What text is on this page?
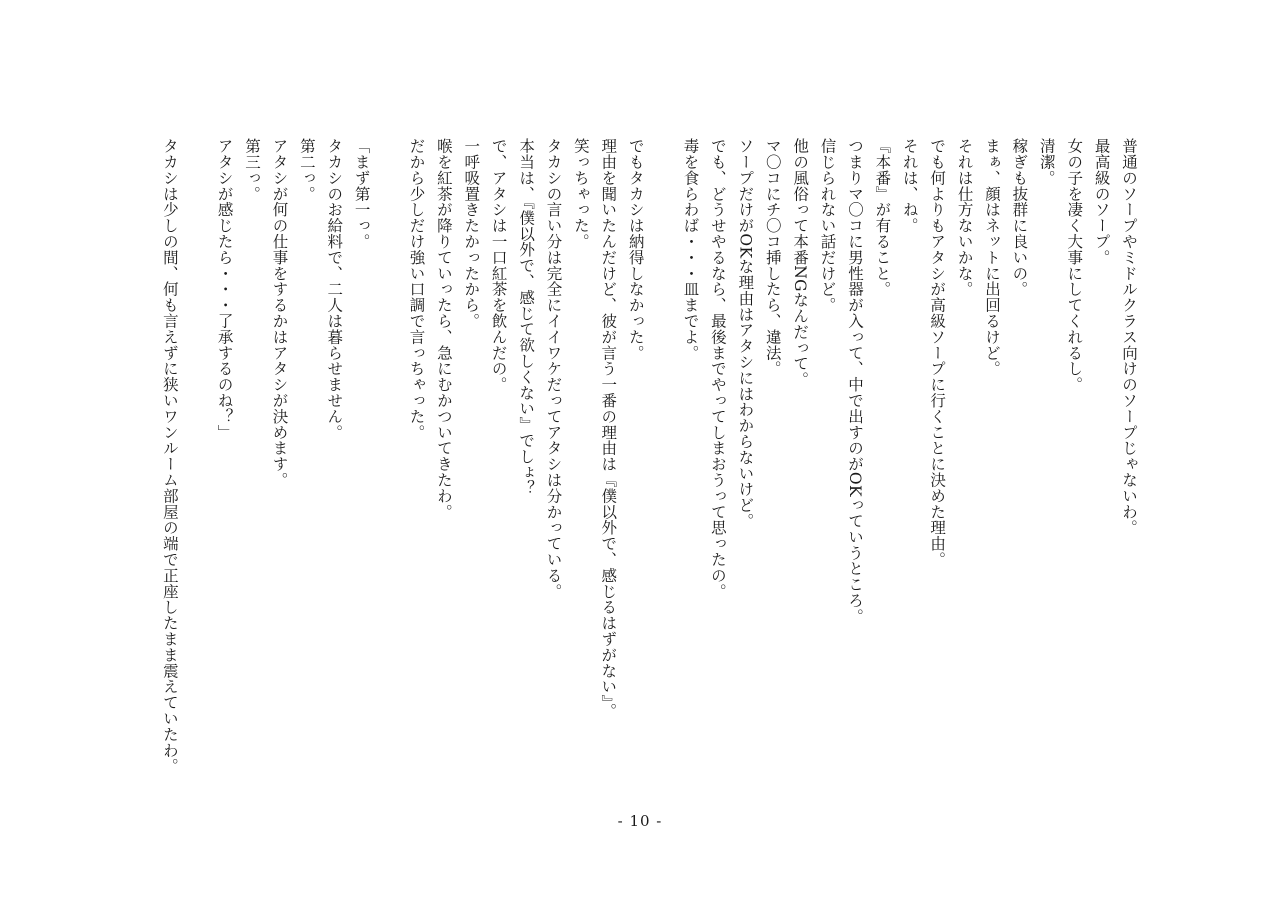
普通のソープやミドルクラス向けのソープじゃないわ。
最高級のソープ。
女の子を凄く大事にしてくれるし。
清潔。
稼ぎも抜群に良いの。
まぁ、顔はネットに出回るけど。
それは仕方ないかな。
でも何よりもアタシが高級ソープに行くことに決めた理由。
それは、ね。
『本番』が有ること。
つまりマ〇コに男性器が入って、中で出すのがOKっていうところ。
信じられない話だけど。
他の風俗って本番NGなんだって。
マ〇コにチ〇コ挿したら、違法。
ソープだけがOKな理由はアタシにはわからないけど。
でも、どうせやるなら、最後までやってしまおうって思ったの。
毒を食らわば・・・皿までよ。
でもタカシは納得しなかった。
理由を聞いたんだけど、彼が言う一番の理由は『僕以外で、感じるはずがない』。
笑っちゃった。
タカシの言い分は完全にイイワケだってアタシは分かっている。
本当は、『僕以外で、感じて欲しくない』でしょ？
で、アタシは一口紅茶を飲んだの。
一呼吸置きたかったから。
喉を紅茶が降りていったら、急にむかついてきたわ。
だから少しだけ強い口調で言っちゃった。
「まず第一っ。
タカシのお給料で、二人は暮らせません。
第二っ。
アタシが何の仕事をするかはアタシが決めます。
第三っ。
アタシが感じたら・・・了承するのね？」
タカシは少しの間、何も言えずに狭いワンルーム部屋の端で正座したまま震えていたわ。
- 10 -
